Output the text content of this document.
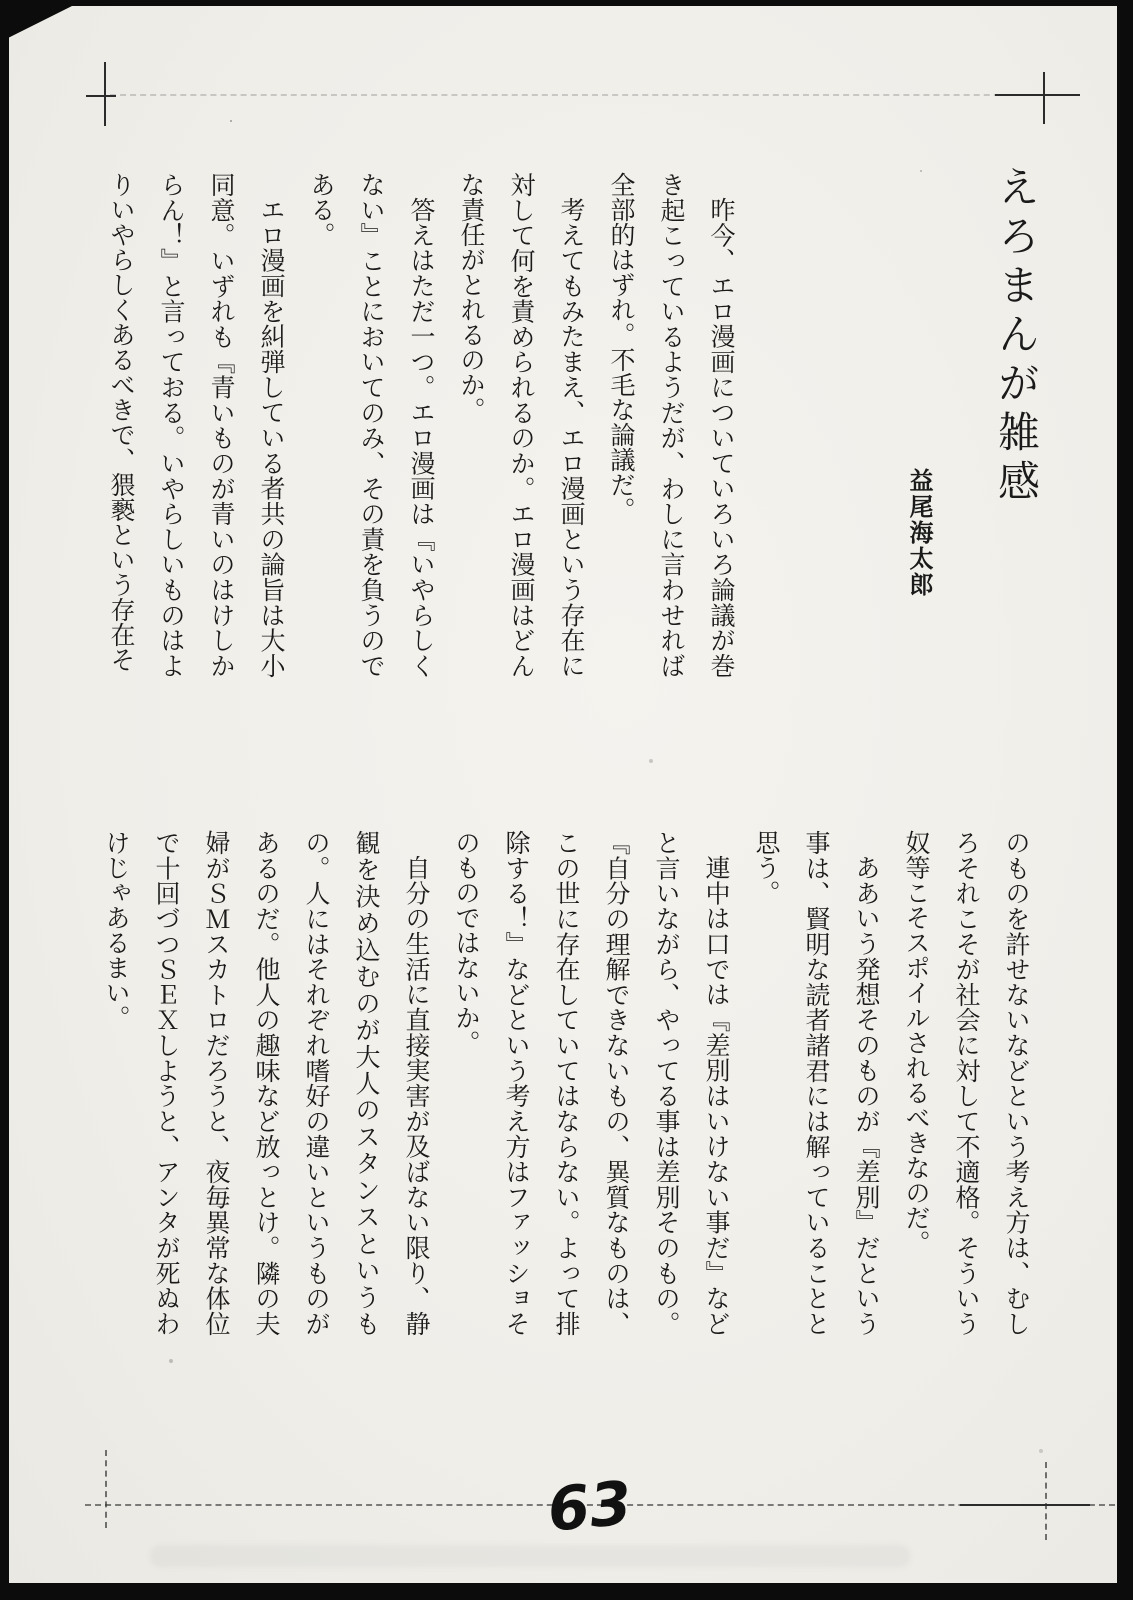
えろまんが雑感
益尾海太郎

昨今、エロ漫画についていろいろ論議が巻き起こっているようだが、わしに言わせれば全部的はずれ。不毛な論議だ。

考えてもみたまえ、エロ漫画という存在に対して何を責められるのか。エロ漫画はどんな責任がとれるのか。

答えはただ一つ。エロ漫画は『いやらしくない』ことにおいてのみ、その責を負うのである。

エロ漫画を糾弾している者共の論旨は大小同意。いずれも『青いものが青いのはけしからん！』と言っておる。いやらしいものはよりいやらしくあるべきで、猥褻という存在そ

のものを許せないなどという考え方は、むしろそれこそが社会に対して不適格。そういう奴等こそスポイルされるべきなのだ。

ああいう発想そのものが『差別』だという事は、賢明な読者諸君には解っていることと思う。

連中は口では『差別はいけない事だ』などと言いながら、やってる事は差別そのもの。『自分の理解できないもの、異質なものは、この世に存在していてはならない。よって排除する！』などという考え方はファッショそのものではないか。

自分の生活に直接実害が及ばない限り、静観を決め込むのが大人のスタンスというもの。人にはそれぞれ嗜好の違いというものがあるのだ。他人の趣味など放っとけ。隣の夫婦がＳＭスカトロだろうと、夜毎異常な体位で十回づつＳＥＸしようと、アンタが死ぬわけじゃあるまい。

63
